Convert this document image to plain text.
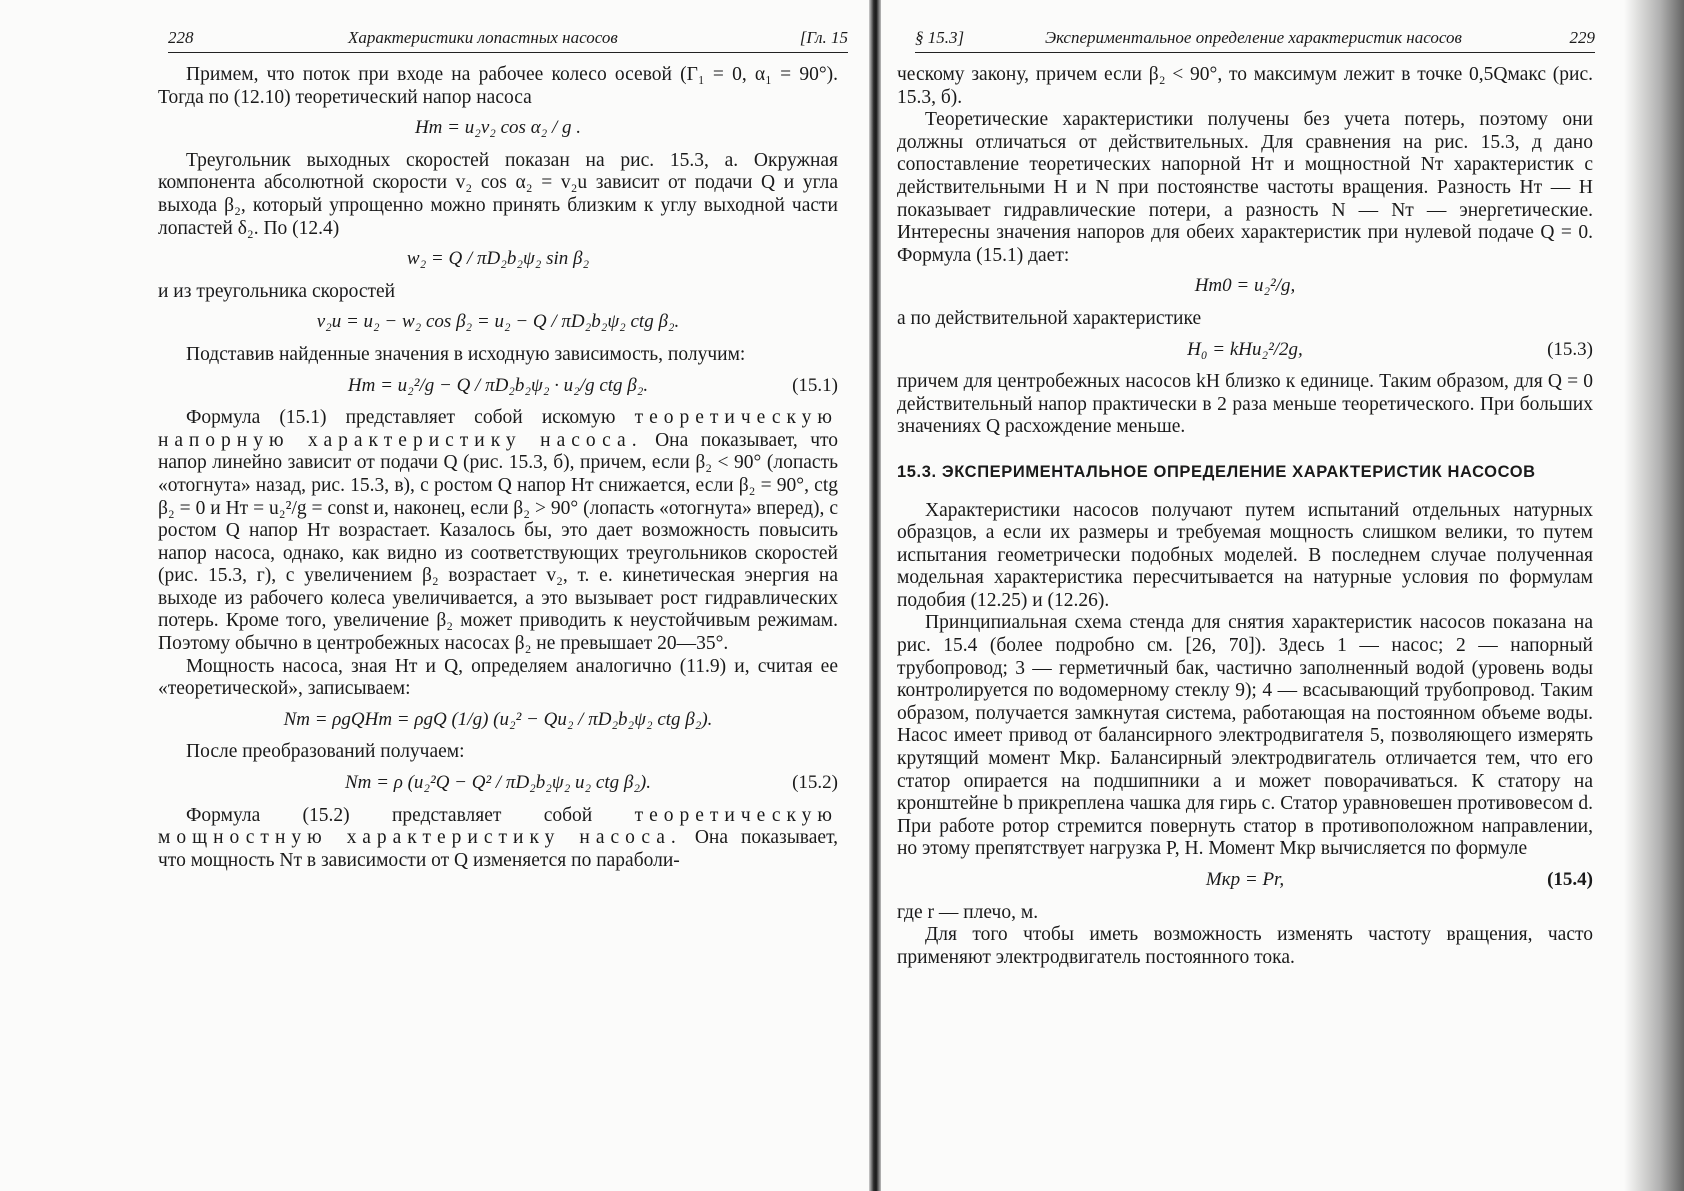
228	Характеристики лопастных насосов	[Гл. 15

Примем, что поток при входе на рабочее колесо осевой (Γ₁ = 0, α₁ = 90°). Тогда по (12.10) теоретический напор насоса

Hт = u₂v₂ cos α₂ / g .

Треугольник выходных скоростей показан на рис. 15.3, а. Окружная компонента абсолютной скорости v₂ cos α₂ = v₂u зависит от подачи Q и угла выхода β₂, который упрощенно можно принять близким к углу выходной части лопастей δ₂. По (12.4)

w₂ = Q / πD₂b₂ψ₂ sin β₂

и из треугольника скоростей

v₂u = u₂ − w₂ cos β₂ = u₂ − Q / πD₂b₂ψ₂ ctg β₂.

Подставив найденные значения в исходную зависимость, получим:

Hт = u₂²/g − Q / πD₂b₂ψ₂ · u₂/g ctg β₂.	(15.1)

Формула (15.1) представляет собой искомую теоретическую напорную характеристику насоса. Она показывает, что напор линейно зависит от подачи Q (рис. 15.3, б), причем, если β₂ < 90° (лопасть «отогнута» назад, рис. 15.3, в), с ростом Q напор Hт снижается, если β₂ = 90°, ctg β₂ = 0 и Hт = u₂²/g = const и, наконец, если β₂ > 90° (лопасть «отогнута» вперед), с ростом Q напор Hт возрастает. Казалось бы, это дает возможность повысить напор насоса, однако, как видно из соответствующих треугольников скоростей (рис. 15.3, г), с увеличением β₂ возрастает v₂, т. е. кинетическая энергия на выходе из рабочего колеса увеличивается, а это вызывает рост гидравлических потерь. Кроме того, увеличение β₂ может приводить к неустойчивым режимам. Поэтому обычно в центробежных насосах β₂ не превышает 20—35°.

Мощность насоса, зная Hт и Q, определяем аналогично (11.9) и, считая ее «теоретической», записываем:

Nт = ρgQHт = ρgQ (1/g) (u₂² − Qu₂ / πD₂b₂ψ₂ ctg β₂).

После преобразований получаем:

Nт = ρ (u₂²Q − Q² / πD₂b₂ψ₂ u₂ ctg β₂).	(15.2)

Формула (15.2) представляет собой теоретическую мощностную характеристику насоса. Она показывает, что мощность Nт в зависимости от Q изменяется по параболи-

§ 15.3]	Экспериментальное определение характеристик насосов	229

ческому закону, причем если β₂ < 90°, то максимум лежит в точке 0,5Qмакс (рис. 15.3, б).

Теоретические характеристики получены без учета потерь, поэтому они должны отличаться от действительных. Для сравнения на рис. 15.3, д дано сопоставление теоретических напорной Hт и мощностной Nт характеристик с действительными H и N при постоянстве частоты вращения. Разность Hт — H показывает гидравлические потери, а разность N — Nт — энергетические. Интересны значения напоров для обеих характеристик при нулевой подаче Q = 0. Формула (15.1) дает:

Hт0 = u₂²/g,

а по действительной характеристике

H₀ = kНu₂²/2g,	(15.3)

причем для центробежных насосов kH близко к единице. Таким образом, для Q = 0 действительный напор практически в 2 раза меньше теоретического. При больших значениях Q расхождение меньше.

15.3. ЭКСПЕРИМЕНТАЛЬНОЕ ОПРЕДЕЛЕНИЕ ХАРАКТЕРИСТИК НАСОСОВ

Характеристики насосов получают путем испытаний отдельных натурных образцов, а если их размеры и требуемая мощность слишком велики, то путем испытания геометрически подобных моделей. В последнем случае полученная модельная характеристика пересчитывается на натурные условия по формулам подобия (12.25) и (12.26).

Принципиальная схема стенда для снятия характеристик насосов показана на рис. 15.4 (более подробно см. [26, 70]). Здесь 1 — насос; 2 — напорный трубопровод; 3 — герметичный бак, частично заполненный водой (уровень воды контролируется по водомерному стеклу 9); 4 — всасывающий трубопровод. Таким образом, получается замкнутая система, работающая на постоянном объеме воды. Насос имеет привод от балансирного электродвигателя 5, позволяющего измерять крутящий момент Mкр. Балансирный электродвигатель отличается тем, что его статор опирается на подшипники a и может поворачиваться. К статору на кронштейне b прикреплена чашка для гирь c. Статор уравновешен противовесом d. При работе ротор стремится повернуть статор в противоположном направлении, но этому препятствует нагрузка P, Н. Момент Mкр вычисляется по формуле

Mкр = Pr,	(15.4)

где r — плечо, м.

Для того чтобы иметь возможность изменять частоту вращения, часто применяют электродвигатель постоянного тока.
